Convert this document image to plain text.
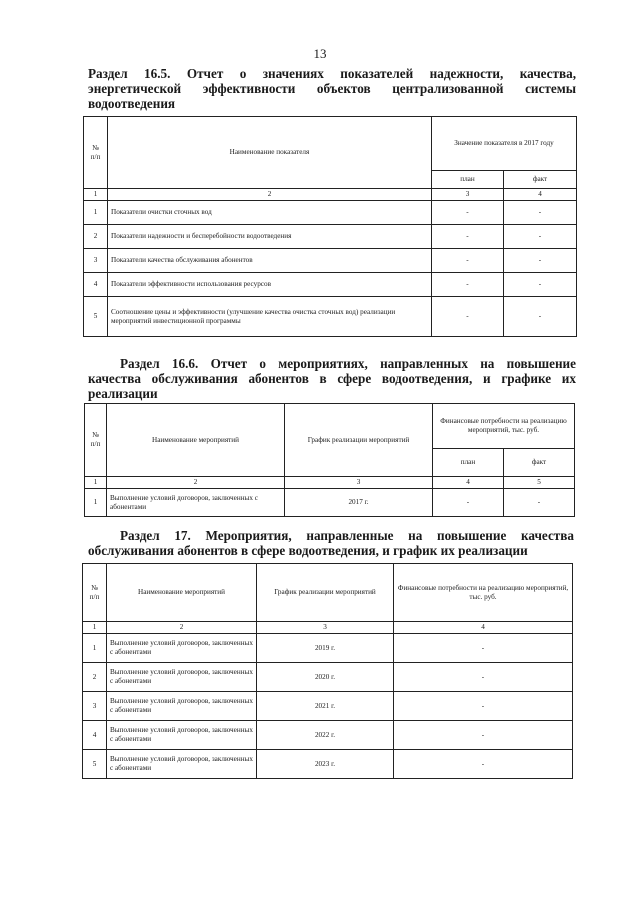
13
Раздел 16.5. Отчет о значениях показателей надежности, качества,
энергетической эффективности объектов централизованной системы
водоотведения
№
п/п	Наименование показателя	Значение показателя в 2017 году	
		план	факт
1	2	3	4
1	Показатели очистки сточных вод	-	-
2	Показатели надежности и бесперебойности водоотведения	-	-
3	Показатели качества обслуживания абонентов	-	-
4	Показатели эффективности использования ресурсов	-	-
5	Соотношение цены и эффективности (улучшение качества очистка сточных вод) реализации мероприятий инвестиционной программы	-	-
Раздел 16.6. Отчет о мероприятиях, направленных на повышение
качества обслуживания абонентов в сфере водоотведения, и графике их
реализации
№
п/п	Наименование мероприятий	График реализации мероприятий	Финансовые потребности на реализацию мероприятий, тыс. руб.	
			план	факт
1	2	3	4	5
1	Выполнение условий договоров, заключенных с абонентами	2017 г.	-	-
Раздел 17. Мероприятия, направленные на повышение качества
обслуживания абонентов в сфере водоотведения, и график их реализации
№
п/п	Наименование мероприятий	График реализации мероприятий	Финансовые потребности на реализацию мероприятий, тыс. руб.
1	2	3	4
1	Выполнение условий договоров, заключенных с абонентами	2019 г.	-
2	Выполнение условий договоров, заключенных с абонентами	2020 г.	-
3	Выполнение условий договоров, заключенных с абонентами	2021 г.	-
4	Выполнение условий договоров, заключенных с абонентами	2022 г.	-
5	Выполнение условий договоров, заключенных с абонентами	2023 г.	-
